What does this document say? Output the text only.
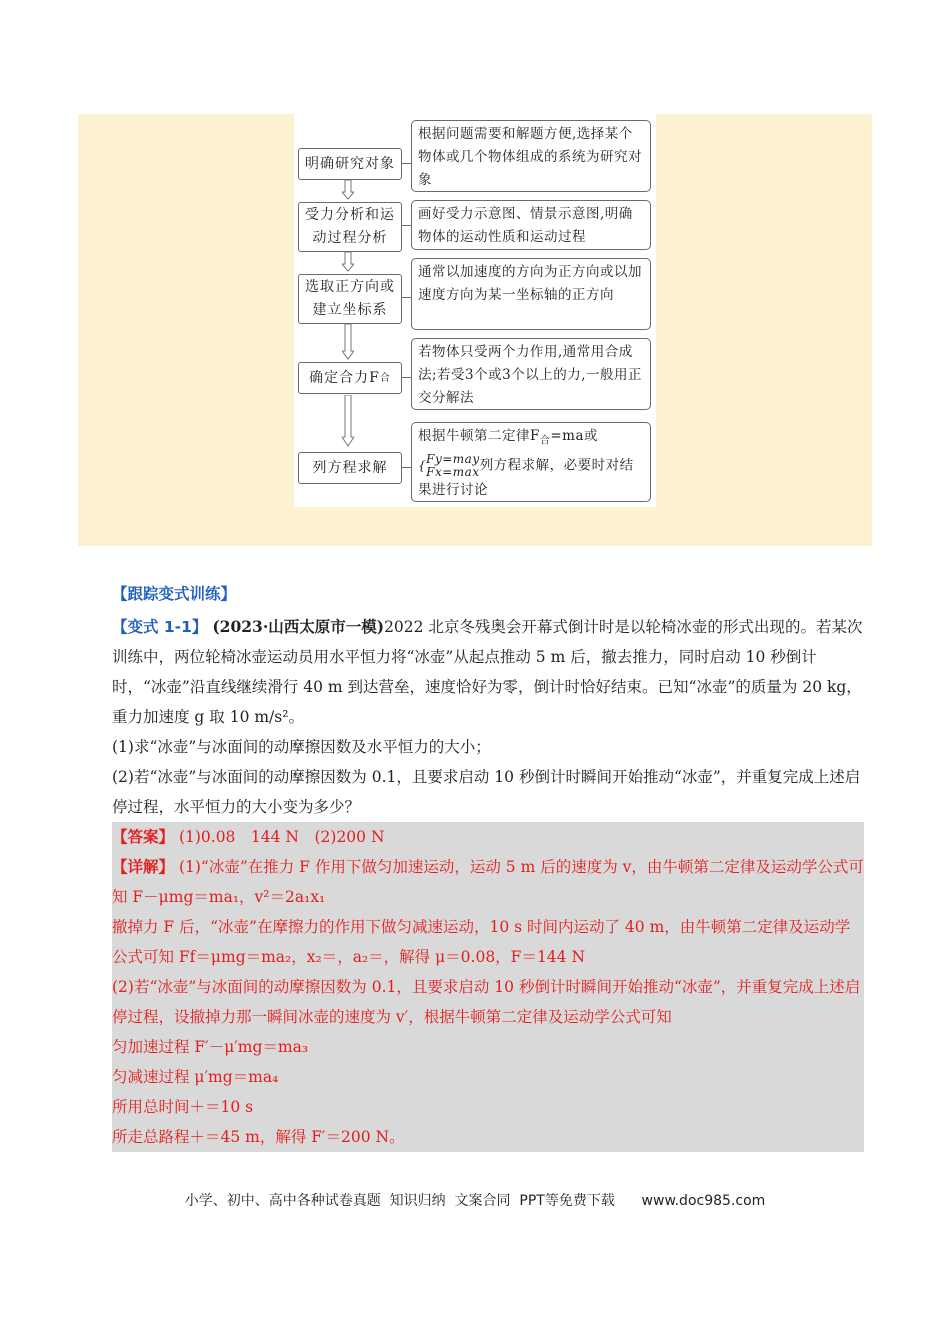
明确研究对象
根据问题需要和解题方便,选择某个物体或几个物体组成的系统为研究对象
受力分析和运动过程分析
画好受力示意图、情景示意图,明确物体的运动性质和运动过程
选取正方向或建立坐标系
通常以加速度的方向为正方向或以加速度方向为某一坐标轴的正方向
确定合力F 合
若物体只受两个力作用,通常用合成法;若受3个或3个以上的力,一般用正交分解法
列方程求解
根据牛顿第二定律$F_合=ma$或{Fy=may
Fx=max列方程求解，必要时对结果进行讨论
【跟踪变式训练】
【变式 1-1】 (2023·山西太原市一模)2022 北京冬残奥会开幕式倒计时是以轮椅冰壶的形式出现的。若某次训练中，两位轮椅冰壶运动员用水平恒力将“冰壶”从起点推动 5 m 后，撤去推力，同时启动 10 秒倒计时，“冰壶”沿直线继续滑行 40 m 到达营垒，速度恰好为零，倒计时恰好结束。已知“冰壶”的质量为 20 kg，重力加速度 g 取 10 m/s²。
(1)求“冰壶”与冰面间的动摩擦因数及水平恒力的大小；
(2)若“冰壶”与冰面间的动摩擦因数为 0.1，且要求启动 10 秒倒计时瞬间开始推动“冰壶”，并重复完成上述启停过程，水平恒力的大小变为多少？
【答案】 (1)0.08　144 N　(2)200 N
【详解】 (1)“冰壶”在推力 F 作用下做匀加速运动，运动 5 m 后的速度为 v，由牛顿第二定律及运动学公式可知 F－μmg＝ma₁，v²＝2a₁x₁
撤掉力 F 后，“冰壶”在摩擦力的作用下做匀减速运动，10 s 时间内运动了 40 m，由牛顿第二定律及运动学公式可知 Ff＝μmg＝ma₂，x₂＝，a₂＝，解得 μ＝0.08，F＝144 N
(2)若“冰壶”与冰面间的动摩擦因数为 0.1，且要求启动 10 秒倒计时瞬间开始推动“冰壶”，并重复完成上述启停过程，设撤掉力那一瞬间冰壶的速度为 v′，根据牛顿第二定律及运动学公式可知
匀加速过程 F′－μ′mg＝ma₃
匀减速过程 μ′mg＝ma₄
所用总时间＋＝10 s
所走总路程＋＝45 m，解得 F′＝200 N。
小学、初中、高中各种试卷真题  知识归纳  文案合同  PPT等免费下载      www.doc985.com
